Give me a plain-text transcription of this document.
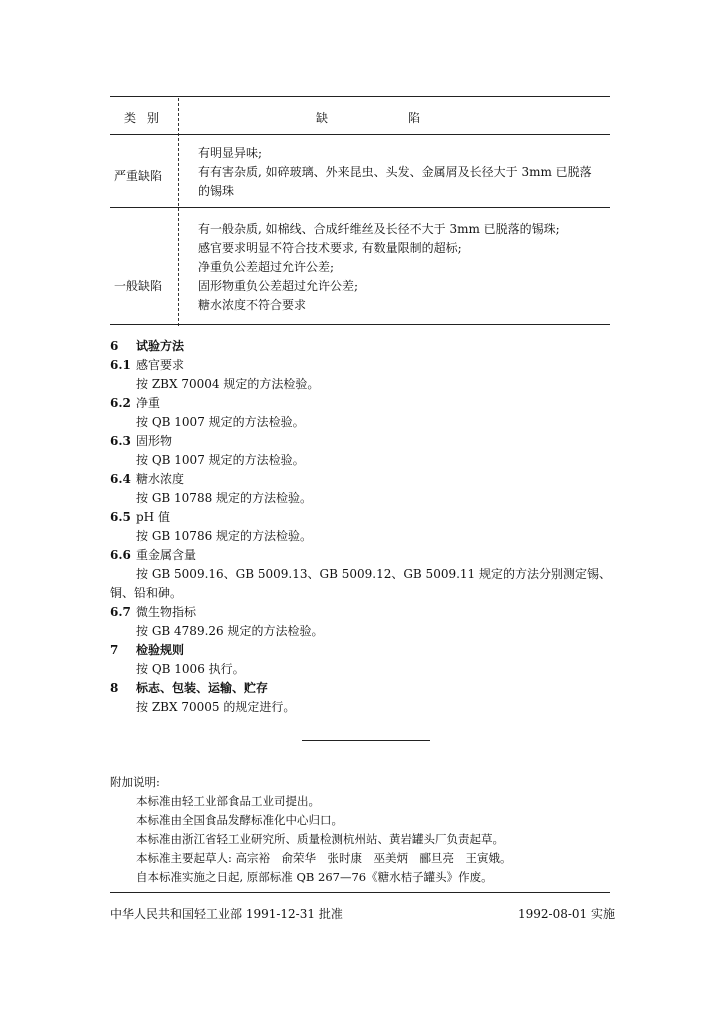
类别	缺陷
严重缺陷
有明显异味;
有有害杂质, 如碎玻璃、外来昆虫、头发、金属屑及长径大于 3mm 已脱落的锡珠
一般缺陷
有一般杂质, 如棉线、合成纤维丝及长径不大于 3mm 已脱落的锡珠;
感官要求明显不符合技术要求, 有数量限制的超标;
净重负公差超过允许公差;
固形物重负公差超过允许公差;
糖水浓度不符合要求
6 试验方法
6.1 感官要求
按 ZBX 70004 规定的方法检验。
6.2 净重
按 QB 1007 规定的方法检验。
6.3 固形物
按 QB 1007 规定的方法检验。
6.4 糖水浓度
按 GB 10788 规定的方法检验。
6.5 pH 值
按 GB 10786 规定的方法检验。
6.6 重金属含量
按 GB 5009.16、GB 5009.13、GB 5009.12、GB 5009.11 规定的方法分别测定锡、铜、铅和砷。
6.7 微生物指标
按 GB 4789.26 规定的方法检验。
7 检验规则
按 QB 1006 执行。
8 标志、包装、运输、贮存
按 ZBX 70005 的规定进行。
附加说明:
本标准由轻工业部食品工业司提出。
本标准由全国食品发酵标准化中心归口。
本标准由浙江省轻工业研究所、质量检测杭州站、黄岩罐头厂负责起草。
本标准主要起草人: 高宗裕　俞荣华　张时康　巫美炳　郦旦亮　王寅娥。
自本标准实施之日起, 原部标准 QB 267—76《糖水桔子罐头》作废。
中华人民共和国轻工业部 1991-12-31 批准	1992-08-01 实施
